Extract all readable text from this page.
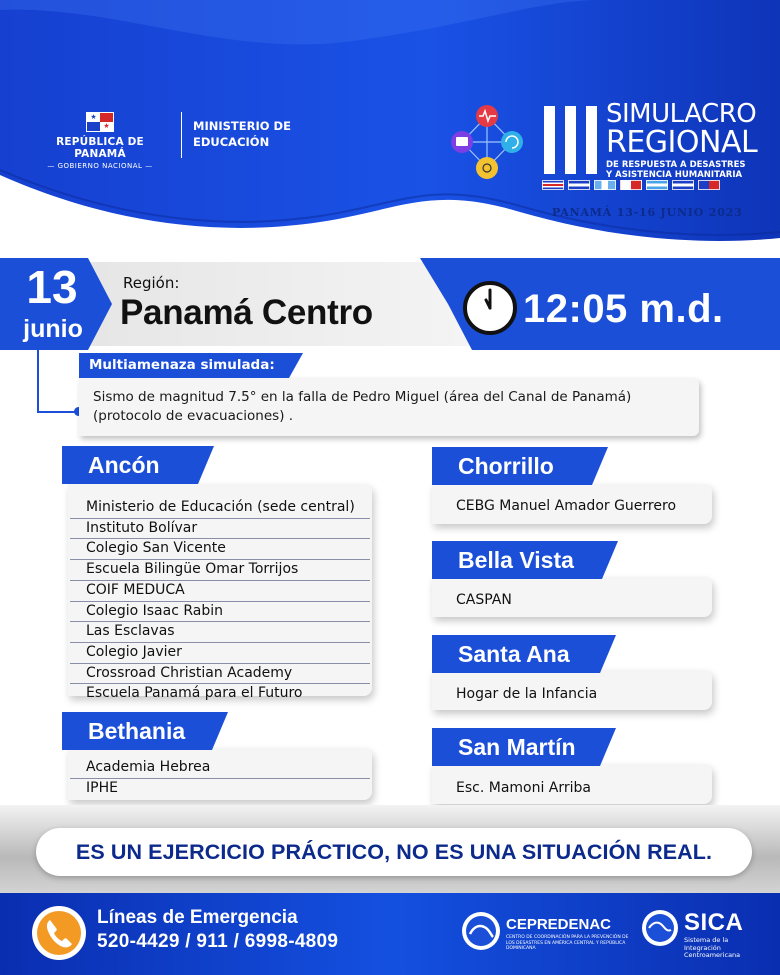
★
★
REPÚBLICA DE PANAMÁ
— GOBIERNO NACIONAL —
MINISTERIO DE EDUCACIÓN
SIMULACRO
REGIONAL
DE RESPUESTA A DESASTRES
Y ASISTENCIA HUMANITARIA
PANAMÁ 13-16 JUNIO 2023
13
junio
Región:
Panamá Centro	12:05 m.d.
Multiamenaza simulada:
Sismo de magnitud 7.5° en la falla de Pedro Miguel (área del Canal de Panamá) (protocolo de evacuaciones) .
Ancón
Ministerio de Educación (sede central)
Instituto Bolívar
Colegio San Vicente
Escuela Bilingüe Omar Torrijos
COIF MEDUCA
Colegio Isaac Rabin
Las Esclavas
Colegio Javier
Crossroad Christian Academy
Escuela Panamá para el Futuro
Bethania
Academia Hebrea
IPHE
Chorrillo
CEBG Manuel Amador Guerrero
Bella Vista
CASPAN
Santa Ana
Hogar de la Infancia
San Martín
Esc. Mamoni Arriba
ES UN EJERCICIO PRÁCTICO, NO ES UNA SITUACIÓN REAL.
Líneas de Emergencia
520-4429 / 911 / 6998-4809
CEPREDENAC
CENTRO DE COORDINACIÓN PARA LA PREVENCIÓN DE LOS DESASTRES EN AMÉRICA CENTRAL Y REPÚBLICA DOMINICANA
SICA
Sistema de la Integración Centroamericana
